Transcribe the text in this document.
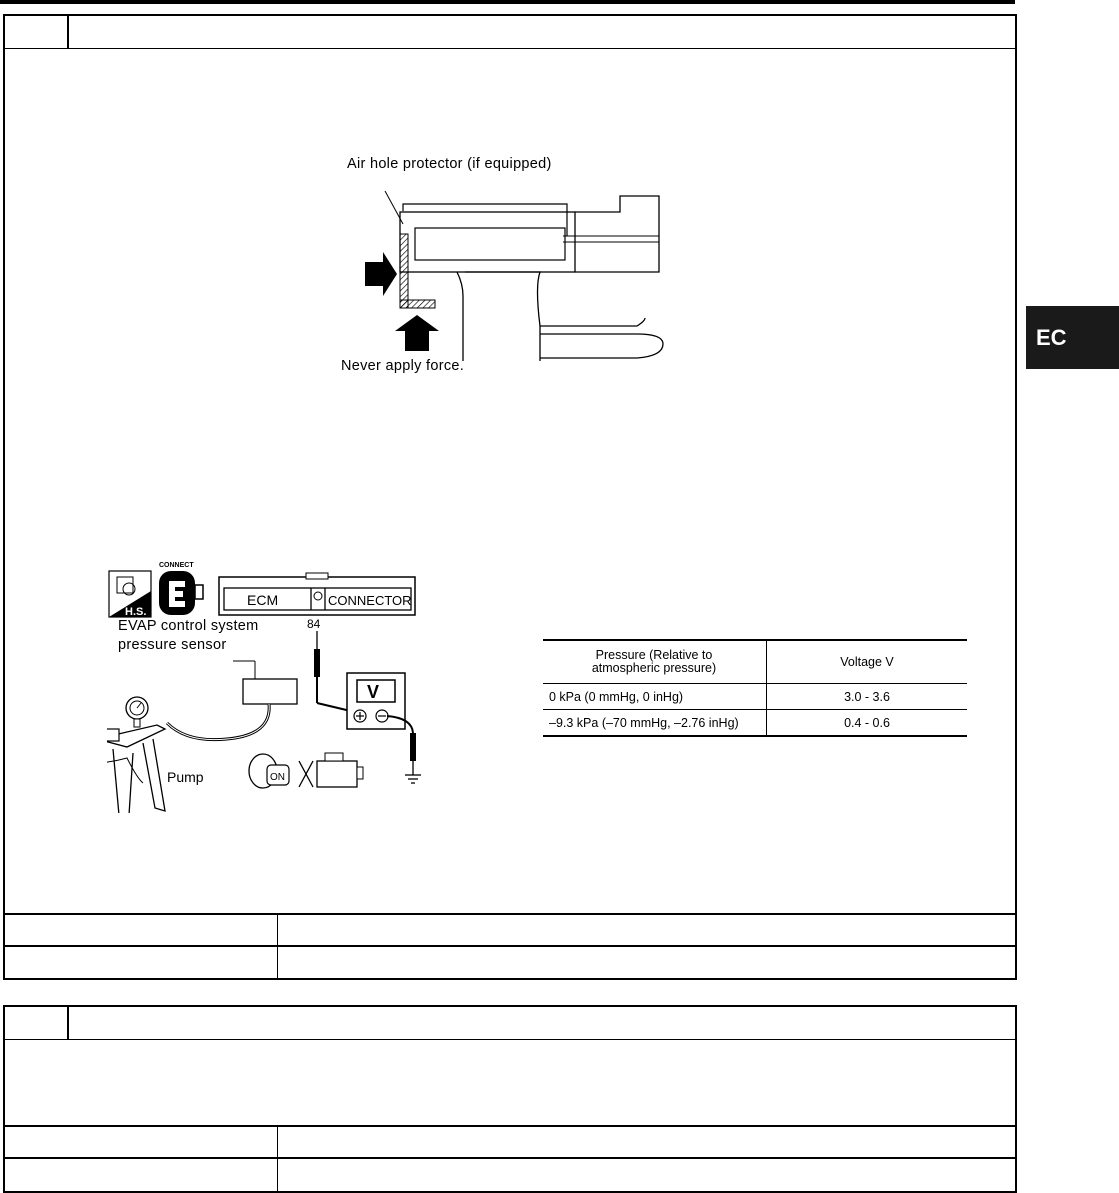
EC
Air hole protector (if equipped)
Never apply force.
H.S.
CONNECT
ECM	CONNECTOR
84
V
Pump	ON
EVAP control system
pressure sensor
Pressure (Relative to
atmospheric pressure)	Voltage V
0 kPa (0 mmHg, 0 inHg)	3.0 - 3.6
–9.3 kPa (–70 mmHg, –2.76 inHg)	0.4 - 0.6
